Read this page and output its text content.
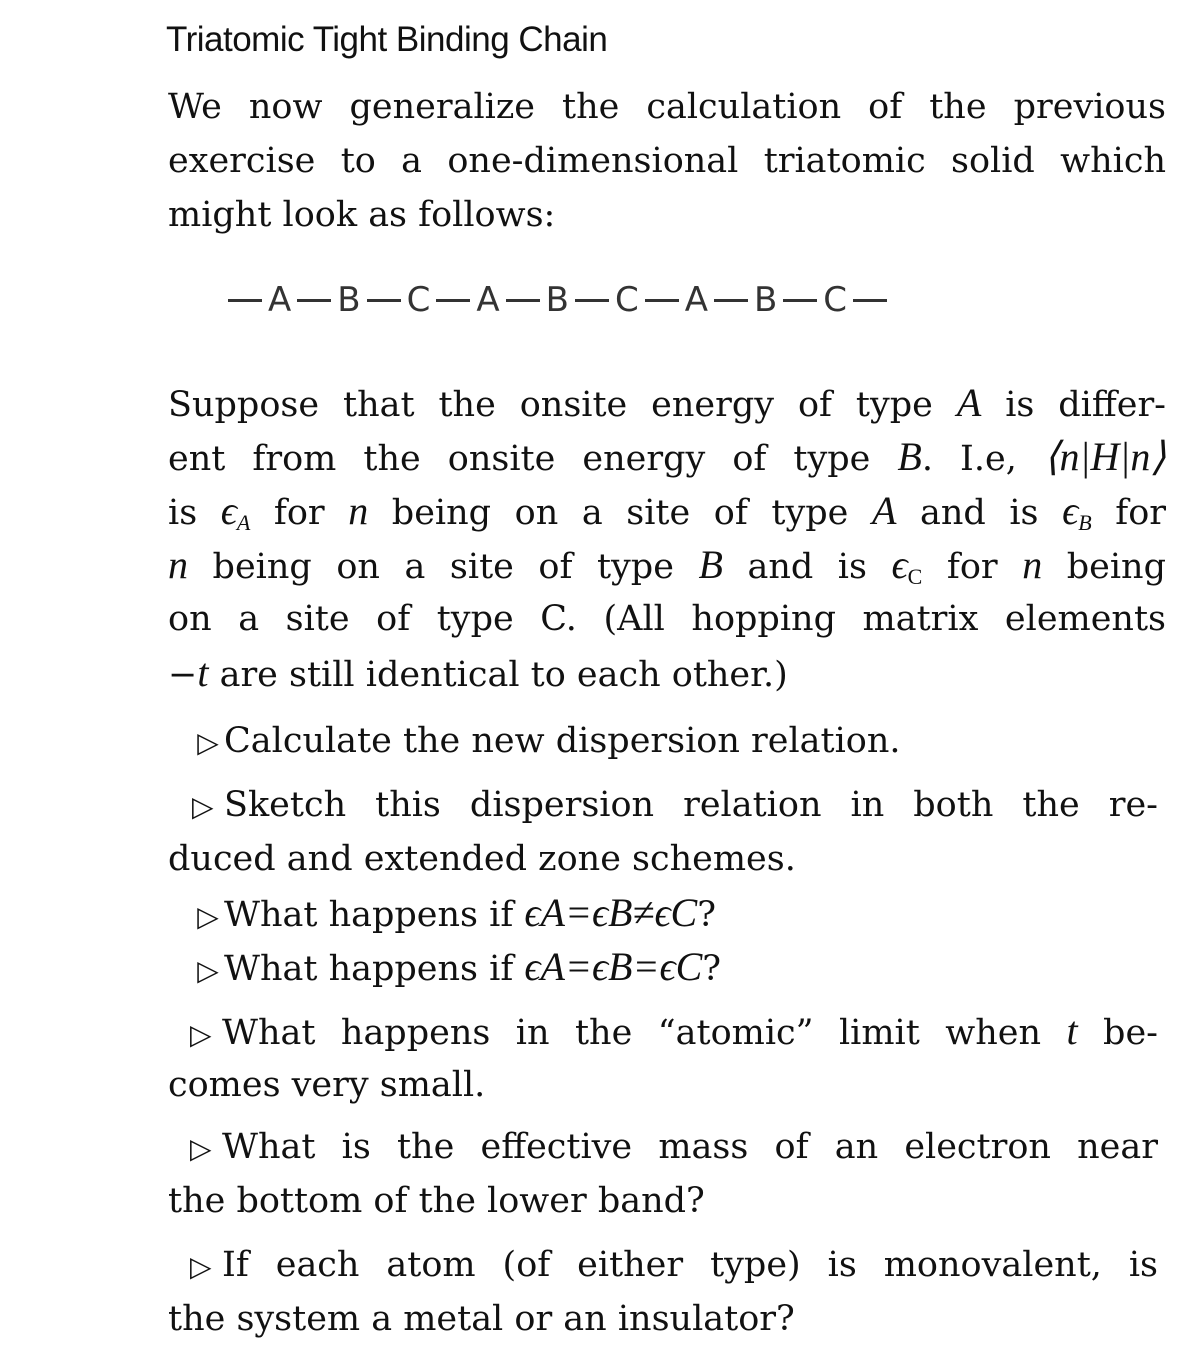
Triatomic Tight Binding Chain
We now generalize the calculation of the previous
exercise to a one-dimensional triatomic solid which
might look as follows:
A B C A B C A B C
Suppose that the onsite energy of type A is differ-
ent from the onsite energy of type B. I.e, ⟨n|H|n⟩
is $\epsilon_A$ for n being on a site of type A and is $\epsilon_B$ for
n being on a site of type B and is ϵC for n being
on a site of type C. (All hopping matrix elements
−t are still identical to each other.)
▷ Calculate the new dispersion relation.
▷ Sketch this dispersion relation in both the re-
duced and extended zone schemes.
▷ What happens if ϵA=ϵB≠ϵC?
▷ What happens if ϵA=ϵB=ϵC?
▷ What happens in the “atomic” limit when t be-
comes very small.
▷ What is the effective mass of an electron near
the bottom of the lower band?
▷ If each atom (of either type) is monovalent, is
the system a metal or an insulator?
